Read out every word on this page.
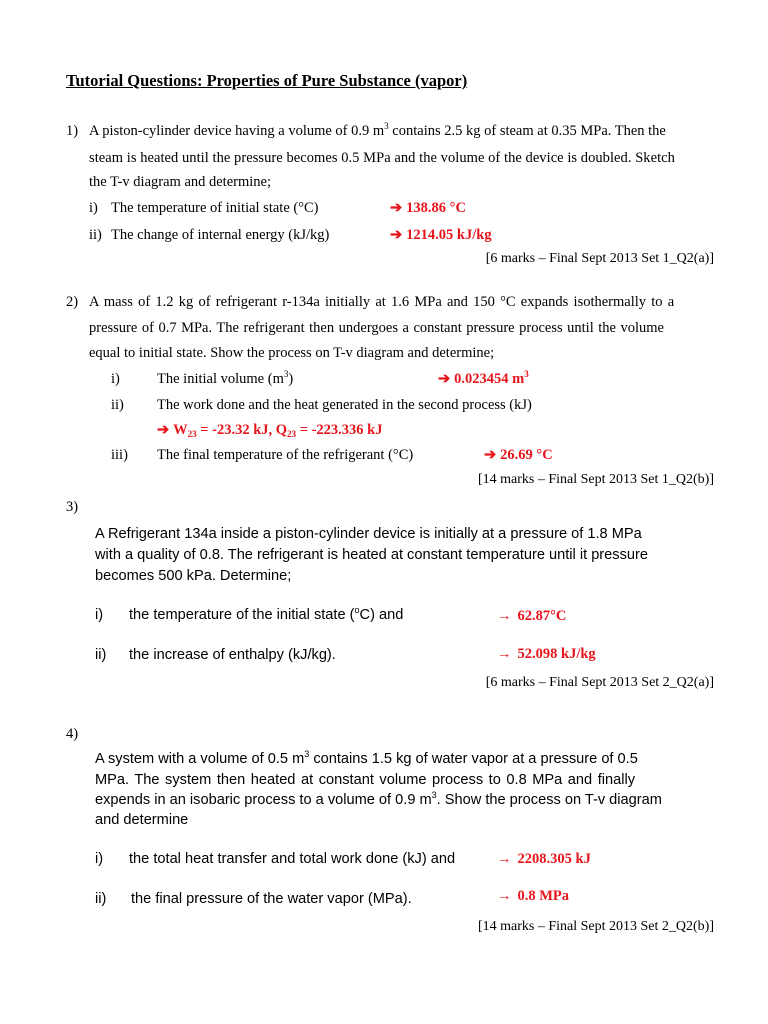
Tutorial Questions: Properties of Pure Substance (vapor)
1) A piston-cylinder device having a volume of 0.9 $m^3$ contains 2.5 kg of steam at 0.35 MPa. Then the
steam is heated until the pressure becomes 0.5 MPa and the volume of the device is doubled. Sketch
the T-v diagram and determine;
i) The temperature of initial state (°C)	➔ 138.86 °C
ii) The change of internal energy (kJ/kg)	➔ 1214.05 kJ/kg
[6 marks – Final Sept 2013 Set 1_Q2(a)]
2) A mass of 1.2 kg of refrigerant r-134a initially at 1.6 MPa and 150 °C expands isothermally to a
pressure of 0.7 MPa. The refrigerant then undergoes a constant pressure process until the volume
equal to initial state. Show the process on T-v diagram and determine;
i)	The initial volume $(m^3)$	➔ 0.023454 $m^3$
ii) The work done and the heat generated in the second process (kJ)
➔ $W_{23} = -23.32$ kJ, $Q_{23} = -223.336$ kJ
iii) The final temperature of the refrigerant (°C)	➔ 26.69 °C
[14 marks – Final Sept 2013 Set 1_Q2(b)]
3)
A Refrigerant 134a inside a piston-cylinder device is initially at a pressure of 1.8 MPa
with a quality of 0.8. The refrigerant is heated at constant temperature until it pressure
becomes 500 kPa. Determine;
i) the temperature of the initial state ($^o$C) and	→ 62.87°C
ii) the increase of enthalpy (kJ/kg).	→ 52.098 kJ/kg
[6 marks – Final Sept 2013 Set 2_Q2(a)]
4)
A system with a volume of 0.5 $m^3$ contains 1.5 kg of water vapor at a pressure of 0.5
MPa. The system then heated at constant volume process to 0.8 MPa and finally
expends in an isobaric process to a volume of 0.9 $m^3$. Show the process on T-v diagram
and determine
i) the total heat transfer and total work done (kJ) and	→ 2208.305 kJ
ii) the final pressure of the water vapor (MPa).	→ 0.8 MPa
[14 marks – Final Sept 2013 Set 2_Q2(b)]
